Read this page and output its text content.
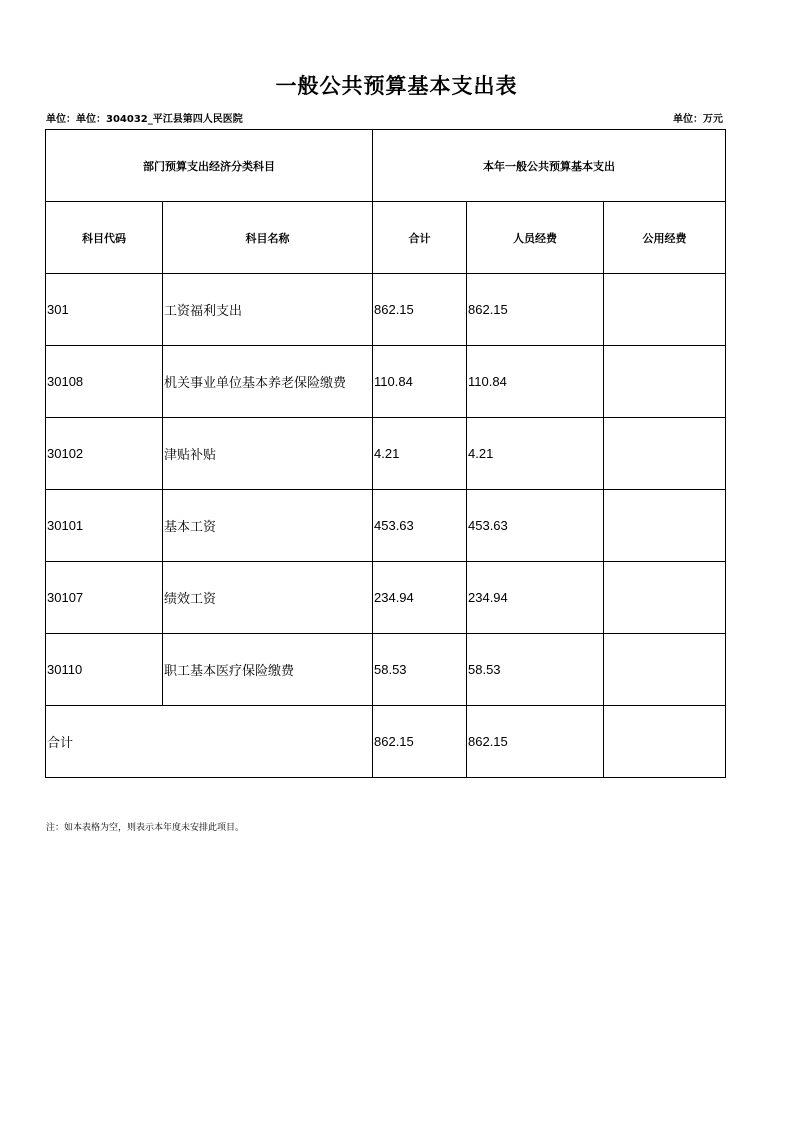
一般公共预算基本支出表
单位：单位：304032_平江县第四人民医院	单位：万元
部门预算支出经济分类科目		本年一般公共预算基本支出		
科目代码	科目名称	合计	人员经费	公用经费
301	工资福利支出	862.15	862.15	
30108	机关事业单位基本养老保险缴费	110.84	110.84	
30102	津贴补贴	4.21	4.21	
30101	基本工资	453.63	453.63	
30107	绩效工资	234.94	234.94	
30110	职工基本医疗保险缴费	58.53	58.53	
合计		862.15	862.15	
注：如本表格为空，则表示本年度未安排此项目。
